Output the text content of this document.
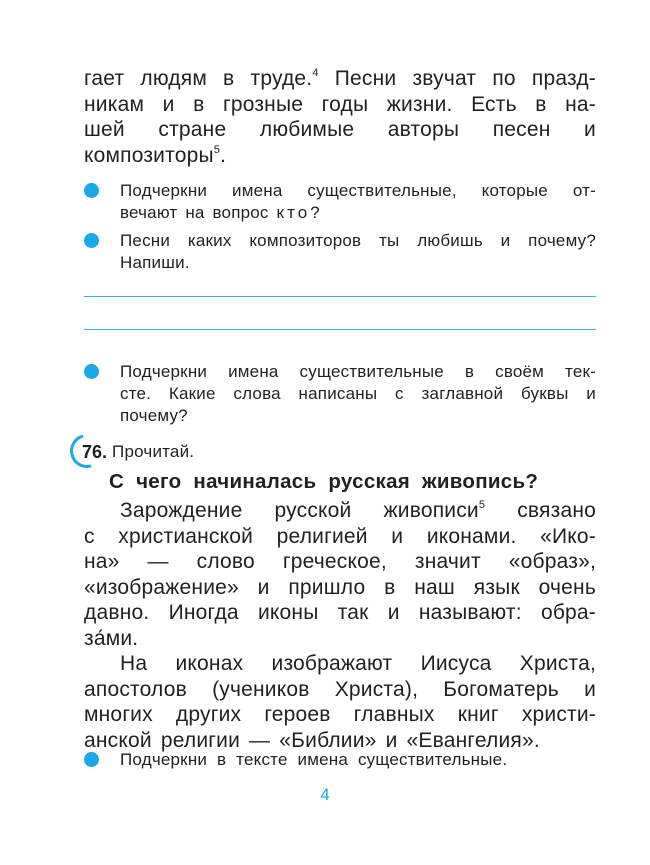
гает людям в труде.$^4$ Песни звучат по празд-
никам и в грозные годы жизни. Есть в на-
шей стране любимые авторы песен и
композиторы$^5$.
Подчеркни имена существительные, которые от-
вечают на вопрос кто?
Песни каких композиторов ты любишь и почему?
Напиши.
Подчеркни имена существительные в своём тек-
сте. Какие слова написаны с заглавной буквы и
почему?
76. Прочитай.
С чего начиналась русская живопись?
Зарождение русской живописи$^5$ связано
с христианской религией и иконами. «Ико-
на» — слово греческое, значит «образ»,
«изображение» и пришло в наш язык очень
давно. Иногда иконы так и называют: обра-
за́ми.
На иконах изображают Иисуса Христа,
апостолов (учеников Христа), Богоматерь и
многих других героев главных книг христи-
анской религии — «Библии» и «Евангелия».
Подчеркни в тексте имена существительные.
4
